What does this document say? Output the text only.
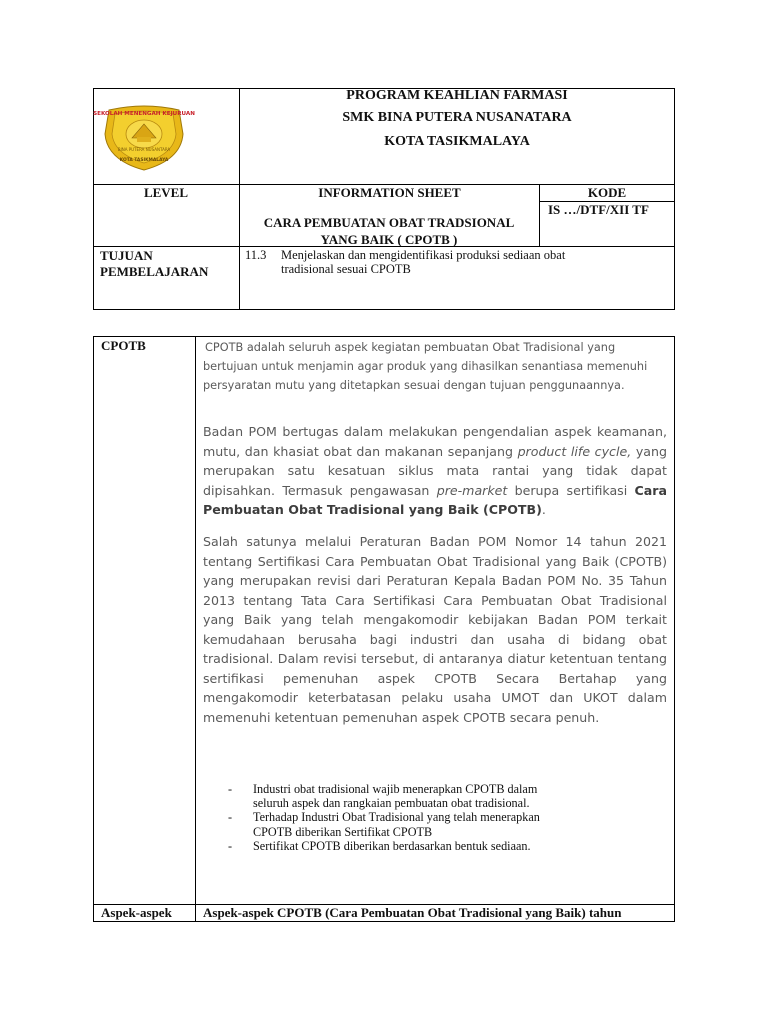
SEKOLAH MENENGAH KEJURUAN
BINA PUTERA NUSANTARA
KOTA TASIKMALAYA
PROGRAM KEAHLIAN FARMASI
SMK BINA PUTERA NUSANATARA
KOTA TASIKMALAYA
LEVEL	INFORMATION SHEET
CARA PEMBUATAN OBAT TRADSIONAL YANG BAIK ( CPOTB )
KODE
IS …/DTF/XII TF
TUJUAN
PEMBELAJARAN
11.3 Menjelaskan dan mengidentifikasi produksi sediaan obat
tradisional sesuai CPOTB
CPOTB	CPOTB adalah seluruh aspek kegiatan pembuatan Obat Tradisional yang
bertujuan untuk menjamin agar produk yang dihasilkan senantiasa memenuhi
persyaratan mutu yang ditetapkan sesuai dengan tujuan penggunaannya.
Badan POM bertugas dalam melakukan pengendalian aspek keamanan, mutu, dan khasiat obat dan makanan sepanjang product life cycle, yang merupakan satu kesatuan siklus mata rantai yang tidak dapat dipisahkan. Termasuk pengawasan pre-market berupa sertifikasi Cara Pembuatan Obat Tradisional yang Baik (CPOTB).
Salah satunya melalui Peraturan Badan POM Nomor 14 tahun 2021 tentang Sertifikasi Cara Pembuatan Obat Tradisional yang Baik (CPOTB) yang merupakan revisi dari Peraturan Kepala Badan POM No. 35 Tahun 2013 tentang Tata Cara Sertifikasi Cara Pembuatan Obat Tradisional yang Baik yang telah mengakomodir kebijakan Badan POM terkait kemudahaan berusaha bagi industri dan usaha di bidang obat tradisional. Dalam revisi tersebut, di antaranya diatur ketentuan tentang sertifikasi pemenuhan aspek CPOTB Secara Bertahap yang mengakomodir keterbatasan pelaku usaha UMOT dan UKOT dalam memenuhi ketentuan pemenuhan aspek CPOTB secara penuh.
Aspek-aspek Aspek-aspek CPOTB (Cara Pembuatan Obat Tradisional yang Baik) tahun
- Industri obat tradisional wajib menerapkan CPOTB dalam seluruh aspek dan rangkaian pembuatan obat tradisional.
- Terhadap Industri Obat Tradisional yang telah menerapkan CPOTB diberikan Sertifikat CPOTB
- Sertifikat CPOTB diberikan berdasarkan bentuk sediaan.
